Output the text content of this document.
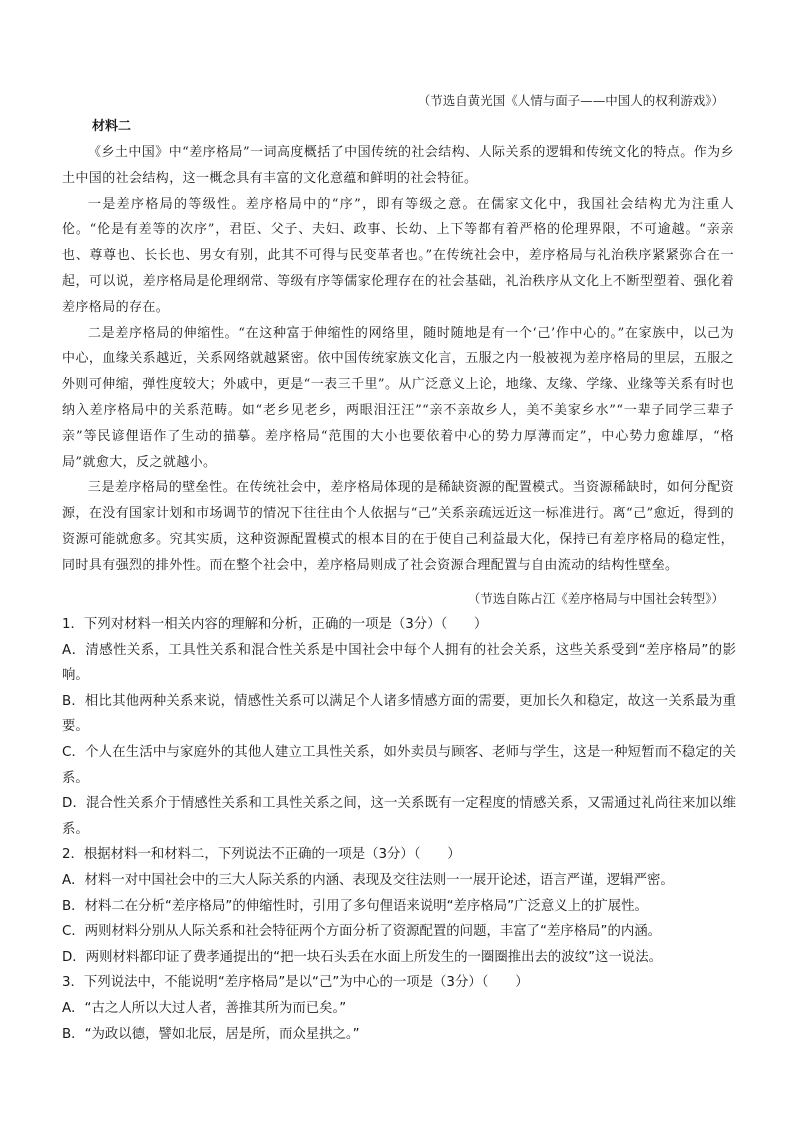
（节选自黄光国《人情与面子——中国人的权利游戏》）
材料二

《乡土中国》中“差序格局”一词高度概括了中国传统的社会结构、人际关系的逻辑和传统文化的特点。作为乡土中国的社会结构，这一概念具有丰富的文化意蕴和鲜明的社会特征。

一是差序格局的等级性。差序格局中的“序”，即有等级之意。在儒家文化中，我国社会结构尤为注重人伦。“伦是有差等的次序”，君臣、父子、夫妇、政事、长幼、上下等都有着严格的伦理界限，不可逾越。“亲亲也、尊尊也、长长也、男女有别，此其不可得与民变革者也。”在传统社会中，差序格局与礼治秩序紧紧弥合在一起，可以说，差序格局是伦理纲常、等级有序等儒家伦理存在的社会基础，礼治秩序从文化上不断型塑着、强化着差序格局的存在。

二是差序格局的伸缩性。“在这种富于伸缩性的网络里，随时随地是有一个‘己’作中心的。”在家族中，以己为中心，血缘关系越近，关系网络就越紧密。依中国传统家族文化言，五服之内一般被视为差序格局的里层，五服之外则可伸缩，弹性度较大；外戚中，更是“一表三千里”。从广泛意义上论，地缘、友缘、学缘、业缘等关系有时也纳入差序格局中的关系范畴。如“老乡见老乡，两眼泪汪汪”“亲不亲故乡人，美不美家乡水”“一辈子同学三辈子亲”等民谚俚语作了生动的描摹。差序格局“范围的大小也要依着中心的势力厚薄而定”，中心势力愈雄厚，“格局”就愈大，反之就越小。

三是差序格局的壁垒性。在传统社会中，差序格局体现的是稀缺资源的配置模式。当资源稀缺时，如何分配资源，在没有国家计划和市场调节的情况下往往由个人依据与“己”关系亲疏远近这一标准进行。离“己”愈近，得到的资源可能就愈多。究其实质，这种资源配置模式的根本目的在于使自己利益最大化，保持已有差序格局的稳定性，同时具有强烈的排外性。而在整个社会中，差序格局则成了社会资源合理配置与自由流动的结构性壁垒。

（节选自陈占江《差序格局与中国社会转型》）

1．下列对材料一相关内容的理解和分析，正确的一项是（3分）（　　）

A．清感性关系，工具性关系和混合性关系是中国社会中每个人拥有的社会关系，这些关系受到“差序格局”的影响。

B．相比其他两种关系来说，情感性关系可以满足个人诸多情感方面的需要，更加长久和稳定，故这一关系最为重要。

C．个人在生活中与家庭外的其他人建立工具性关系，如外卖员与顾客、老师与学生，这是一种短暂而不稳定的关系。

D．混合性关系介于情感性关系和工具性关系之间，这一关系既有一定程度的情感关系，又需通过礼尚往来加以维系。

2．根据材料一和材料二，下列说法不正确的一项是（3分）（　　）

A．材料一对中国社会中的三大人际关系的内涵、表现及交往法则一一展开论述，语言严谨，逻辑严密。

B．材料二在分析“差序格局”的伸缩性时，引用了多句俚语来说明“差序格局”广泛意义上的扩展性。

C．两则材料分别从人际关系和社会特征两个方面分析了资源配置的问题，丰富了“差序格局”的内涵。

D．两则材料都印证了费孝通提出的“把一块石头丢在水面上所发生的一圈圈推出去的波纹”这一说法。

3．下列说法中，不能说明“差序格局”是以“己”为中心的一项是（3分）（　　）

A．“古之人所以大过人者，善推其所为而已矣。”

B．“为政以德，譬如北辰，居是所，而众星拱之。”
